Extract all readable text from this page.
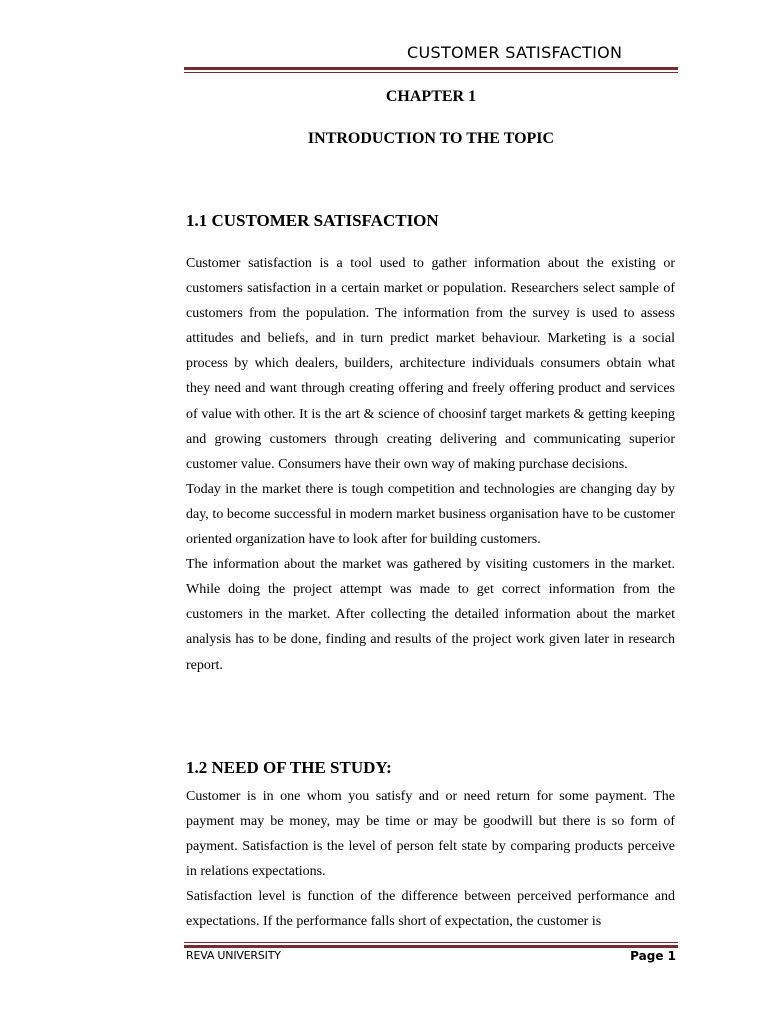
CUSTOMER SATISFACTION
CHAPTER 1
INTRODUCTION TO THE TOPIC
1.1 CUSTOMER SATISFACTION

Customer satisfaction is a tool used to gather information about the existing or customers satisfaction in a certain market or population. Researchers select sample of customers from the population. The information from the survey is used to assess attitudes and beliefs, and in turn predict market behaviour. Marketing is a social process by which dealers, builders, architecture individuals consumers obtain what they need and want through creating offering and freely offering product and services of value with other. It is the art & science of choosinf target markets & getting keeping and growing customers through creating delivering and communicating superior customer value. Consumers have their own way of making purchase decisions.

Today in the market there is tough competition and technologies are changing day by day, to become successful in modern market business organisation have to be customer oriented organization have to look after for building customers.

The information about the market was gathered by visiting customers in the market. While doing the project attempt was made to get correct information from the customers in the market. After collecting the detailed information about the market analysis has to be done, finding and results of the project work given later in research report.

1.2 NEED OF THE STUDY:

Customer is in one whom you satisfy and or need return for some payment. The payment may be money, may be time or may be goodwill but there is so form of payment. Satisfaction is the level of person felt state by comparing products perceive in relations expectations.

Satisfaction level is function of the difference between perceived performance and expectations. If the performance falls short of expectation, the customer is

REVA UNIVERSITY	Page 1
